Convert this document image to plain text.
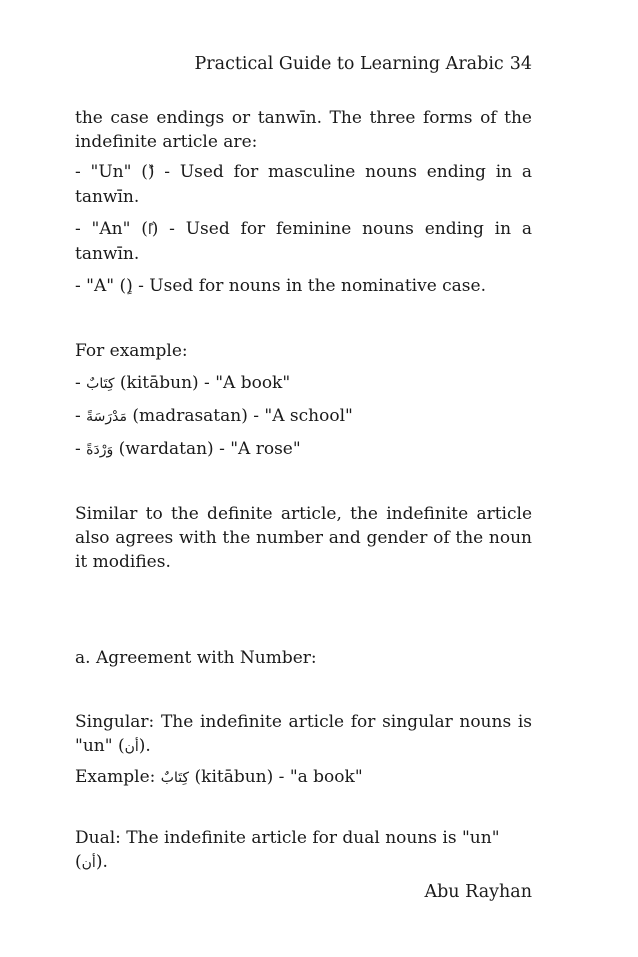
Practical Guide to Learning Arabic 34

the case endings or tanwīn. The three forms of the indefinite article are:

- "Un" () - Used for masculine nouns ending in a tanwīn.

- "An" (ًا) - Used for feminine nouns ending in a tanwīn.

- "A" () - Used for nouns in the nominative case.

For example:

- كِتَابٌ (kitābun) - "A book"

- مَدْرَسَةً (madrasatan) - "A school"

- وَرْدَةً (wardatan) - "A rose"

Similar to the definite article, the indefinite article also agrees with the number and gender of the noun it modifies.

a. Agreement with Number:

Singular: The indefinite article for singular nouns is "un" (أن).

Example: كِتَابٌ (kitābun) - "a book"

Dual: The indefinite article for dual nouns is "un" (أن).

Abu Rayhan
